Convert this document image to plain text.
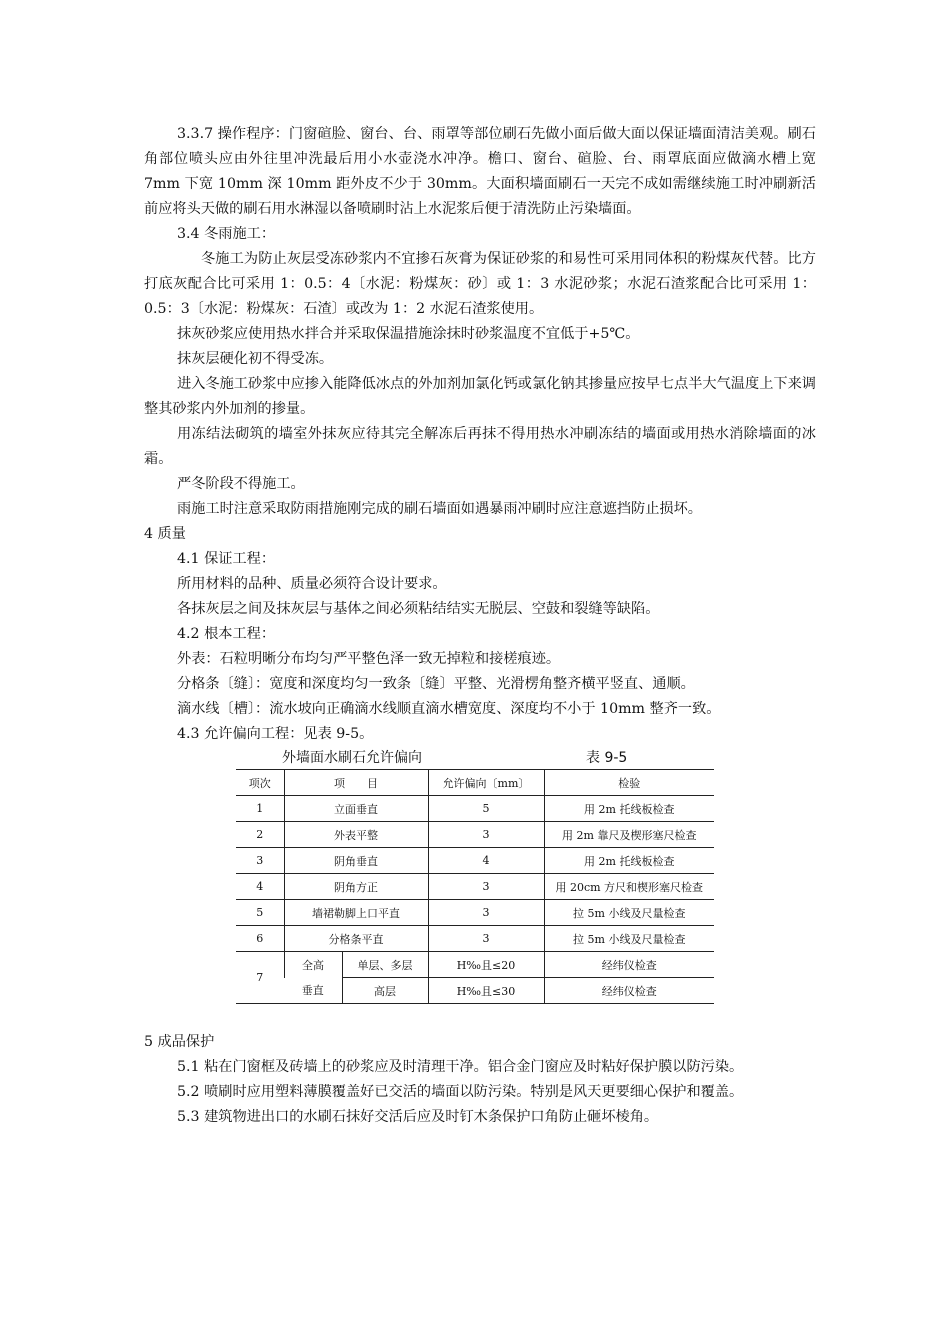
3.3.7 操作程序：门窗碹脸、窗台、台、雨罩等部位刷石先做小面后做大面以保证墙面清洁美观。刷石角部位喷头应由外往里冲洗最后用小水壶浇水冲净。檐口、窗台、碹脸、台、雨罩底面应做滴水槽上宽 7mm 下宽 10mm 深 10mm 距外皮不少于 30mm。大面积墙面刷石一天完不成如需继续施工时冲刷新活前应将头天做的刷石用水淋湿以备喷刷时沾上水泥浆后便于清洗防止污染墙面。

3.4 冬雨施工：

冬施工为防止灰层受冻砂浆内不宜掺石灰膏为保证砂浆的和易性可采用同体积的粉煤灰代替。比方打底灰配合比可采用 1：0.5：4〔水泥：粉煤灰：砂〕或 1：3 水泥砂浆；水泥石渣浆配合比可采用 1：0.5：3〔水泥：粉煤灰：石渣〕或改为 1：2 水泥石渣浆使用。

抹灰砂浆应使用热水拌合并采取保温措施涂抹时砂浆温度不宜低于+5℃。

抹灰层硬化初不得受冻。

进入冬施工砂浆中应掺入能降低冰点的外加剂加氯化钙或氯化钠其掺量应按早七点半大气温度上下来调整其砂浆内外加剂的掺量。

用冻结法砌筑的墙室外抹灰应待其完全解冻后再抹不得用热水冲刷冻结的墙面或用热水消除墙面的冰霜。

严冬阶段不得施工。

雨施工时注意采取防雨措施刚完成的刷石墙面如遇暴雨冲刷时应注意遮挡防止损坏。

4 质量

4.1 保证工程：

所用材料的品种、质量必须符合设计要求。

各抹灰层之间及抹灰层与基体之间必须粘结结实无脱层、空鼓和裂缝等缺陷。

4.2 根本工程：

外表：石粒明晰分布均匀严平整色泽一致无掉粒和接槎痕迹。

分格条〔缝〕：宽度和深度均匀一致条〔缝〕平整、光滑楞角整齐横平竖直、通顺。

滴水线〔槽〕：流水坡向正确滴水线顺直滴水槽宽度、深度均不小于 10mm 整齐一致。

4.3 允许偏向工程：见表 9-5。

外墙面水刷石允许偏向	表 9-5
项次	项　　目		允许偏向〔mm〕	检验
1	立面垂直		5	用 2m 托线板检查
2	外表平整		3	用 2m 靠尺及楔形塞尺检查
3	阴角垂直		4	用 2m 托线板检查
4	阴角方正		3	用 20cm 方尺和楔形塞尺检查
5	墙裙勒脚上口平直		3	拉 5m 小线及尺量检查
6	分格条平直		3	拉 5m 小线及尺量检查
7	全高	单层、多层	H‰且≤20	经纬仪检查
	垂直	高层	H‰且≤30	经纬仪检查

5 成品保护

5.1 粘在门窗框及砖墙上的砂浆应及时清理干净。铝合金门窗应及时粘好保护膜以防污染。

5.2 喷刷时应用塑料薄膜覆盖好已交活的墙面以防污染。特别是风天更要细心保护和覆盖。

5.3 建筑物进出口的水刷石抹好交活后应及时钉木条保护口角防止砸坏棱角。
